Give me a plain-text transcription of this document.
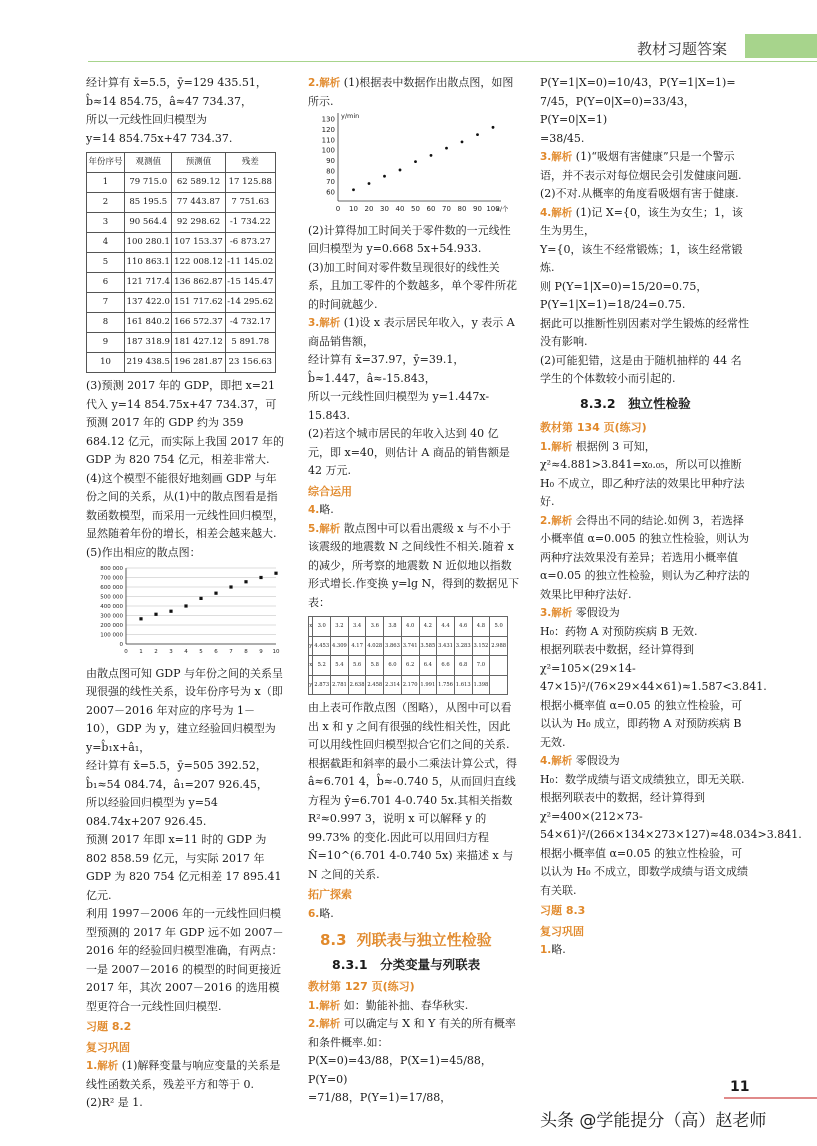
教材习题答案

经计算有 x̄=5.5，ȳ=129 435.51，

b̂≈14 854.75，â≈47 734.37，

所以一元线性回归模型为

y=14 854.75x+47 734.37.

年份序号	观测值	预测值	残差
1	79 715.0	62 589.12	17 125.88
2	85 195.5	77 443.87	7 751.63
3	90 564.4	92 298.62	-1 734.22
4	100 280.1	107 153.37	-6 873.27
5	110 863.1	122 008.12	-11 145.02
6	121 717.4	136 862.87	-15 145.47
7	137 422.0	151 717.62	-14 295.62
8	161 840.2	166 572.37	-4 732.17
9	187 318.9	181 427.12	5 891.78
10	219 438.5	196 281.87	23 156.63

(3)预测 2017 年的 GDP，即把 x=21 代入 y=14 854.75x+47 734.37，可预测 2017 年的 GDP 约为 359 684.12 亿元，而实际上我国 2017 年的 GDP 为 820 754 亿元，相差非常大.

(4)这个模型不能很好地刻画 GDP 与年份之间的关系，从(1)中的散点图看是指数函数模型，而采用一元线性回归模型，显然随着年份的增长，相差会越来越大.

(5)作出相应的散点图：

800 000
700 000
600 000
500 000
400 000
300 000
200 000
100 000
0
0 1 2 3 4 5 6 7 8 9 10

由散点图可知 GDP 与年份之间的关系呈现很强的线性关系，设年份序号为 x（即 2007－2016 年对应的序号为 1－10），GDP 为 y，建立经验回归模型为 y=b̂₁x+â₁，

经计算有 x̄=5.5，ȳ=505 392.52，

b̂₁≈54 084.74，â₁=207 926.45，

所以经验回归模型为 y=54 084.74x+207 926.45.

预测 2017 年即 x=11 时的 GDP 为 802 858.59 亿元，与实际 2017 年 GDP 为 820 754 亿元相差 17 895.41 亿元.

利用 1997－2006 年的一元线性回归模型预测的 2017 年 GDP 远不如 2007－2016 年的经验回归模型准确，有两点：一是 2007－2016 的模型的时间更接近 2017 年，其次 2007－2016 的选用模型更符合一元线性回归模型.

习题 8.2

复习巩固

1.解析 (1)解释变量与响应变量的关系是线性函数关系，残差平方和等于 0.

(2)R² 是 1.

2.解析 (1)根据表中数据作出散点图，如图所示.

y/min
x/个
130
120
110
100
90
80
70
60
0 10 20 30 40 50 60 70 80 90 100

(2)计算得加工时间关于零件数的一元线性回归模型为 y=0.668 5x+54.933.

(3)加工时间对零件数呈现很好的线性关系，且加工零件的个数越多，单个零件所花的时间就越少.

3.解析 (1)设 x 表示居民年收入，y 表示 A 商品销售额，

经计算有 x̄=37.97，ȳ=39.1，b̂≈1.447，â≈-15.843，

所以一元线性回归模型为 y=1.447x-15.843.

(2)若这个城市居民的年收入达到 40 亿元，即 x=40，则估计 A 商品的销售额是 42 万元.

综合运用

4.略.

5.解析 散点图中可以看出震级 x 与不小于该震级的地震数 N 之间线性不相关.随着 x 的减少，所考察的地震数 N 近似地以指数形式增长.作变换 y=lg N，得到的数据见下表：

x	3.0	3.2	3.4	3.6	3.8	4.0	4.2	4.4	4.6	4.8	5.0
y	4.453	4.309	4.17	4.028	3.863	3.741	3.585	3.431	3.283	3.152	2.988
x	5.2	5.4	5.6	5.8	6.0	6.2	6.4	6.6	6.8	7.0	
y	2.873	2.781	2.638	2.458	2.314	2.170	1.991	1.756	1.613	1.398	

由上表可作散点图（图略），从图中可以看出 x 和 y 之间有很强的线性相关性，因此可以用线性回归模型拟合它们之间的关系.根据截距和斜率的最小二乘法计算公式，得â≈6.701 4，b̂≈-0.740 5，从而回归直线方程为 ŷ=6.701 4-0.740 5x.其相关指数 R²≈0.997 3，说明 x 可以解释 y 的 99.73% 的变化.因此可以用回归方程 N̂=10^(6.701 4-0.740 5x) 来描述 x 与 N 之间的关系.

拓广探索

6.略.

8.3 列联表与独立性检验

8.3.1　分类变量与列联表

教材第 127 页(练习)

1.解析 如：勤能补拙、春华秋实.

2.解析 可以确定与 X 和 Y 有关的所有概率和条件概率.如：

P(X=0)=43/88，P(X=1)=45/88，P(Y=0)

=71/88，P(Y=1)=17/88，

P(Y=1|X=0)=10/43，P(Y=1|X=1)=

7/45，P(Y=0|X=0)=33/43，P(Y=0|X=1)

=38/45.

3.解析 (1)“吸烟有害健康”只是一个警示语，并不表示对每位烟民会引发健康问题.

(2)不对.从概率的角度看吸烟有害于健康.

4.解析 (1)记 X={0，该生为女生；1，该生为男生，

Y={0，该生不经常锻炼；1，该生经常锻炼.

则 P(Y=1|X=0)=15/20=0.75，P(Y=1|X=1)=18/24=0.75.

据此可以推断性别因素对学生锻炼的经常性没有影响.

(2)可能犯错，这是由于随机抽样的 44 名学生的个体数较小而引起的.

8.3.2　独立性检验

教材第 134 页(练习)

1.解析 根据例 3 可知，χ²≈4.881>3.841=x₀.₀₅，所以可以推断 H₀ 不成立，即乙种疗法的效果比甲种疗法好.

2.解析 会得出不同的结论.如例 3，若选择小概率值 α=0.005 的独立性检验，则认为两种疗法效果没有差异；若选用小概率值 α=0.05 的独立性检验，则认为乙种疗法的效果比甲种疗法好.

3.解析 零假设为

H₀：药物 A 对预防疾病 B 无效.

根据列联表中数据，经计算得到

χ²=105×(29×14-47×15)²/(76×29×44×61)≈1.587<3.841.

根据小概率值 α=0.05 的独立性检验，可以认为 H₀ 成立，即药物 A 对预防疾病 B 无效.

4.解析 零假设为

H₀：数学成绩与语文成绩独立，即无关联.

根据列联表中的数据，经计算得到

χ²=400×(212×73-54×61)²/(266×134×273×127)≈48.034>3.841.

根据小概率值 α=0.05 的独立性检验，可以认为 H₀ 不成立，即数学成绩与语文成绩有关联.

习题 8.3

复习巩固

1.略.

11
头条 @学能提分（高）赵老师
